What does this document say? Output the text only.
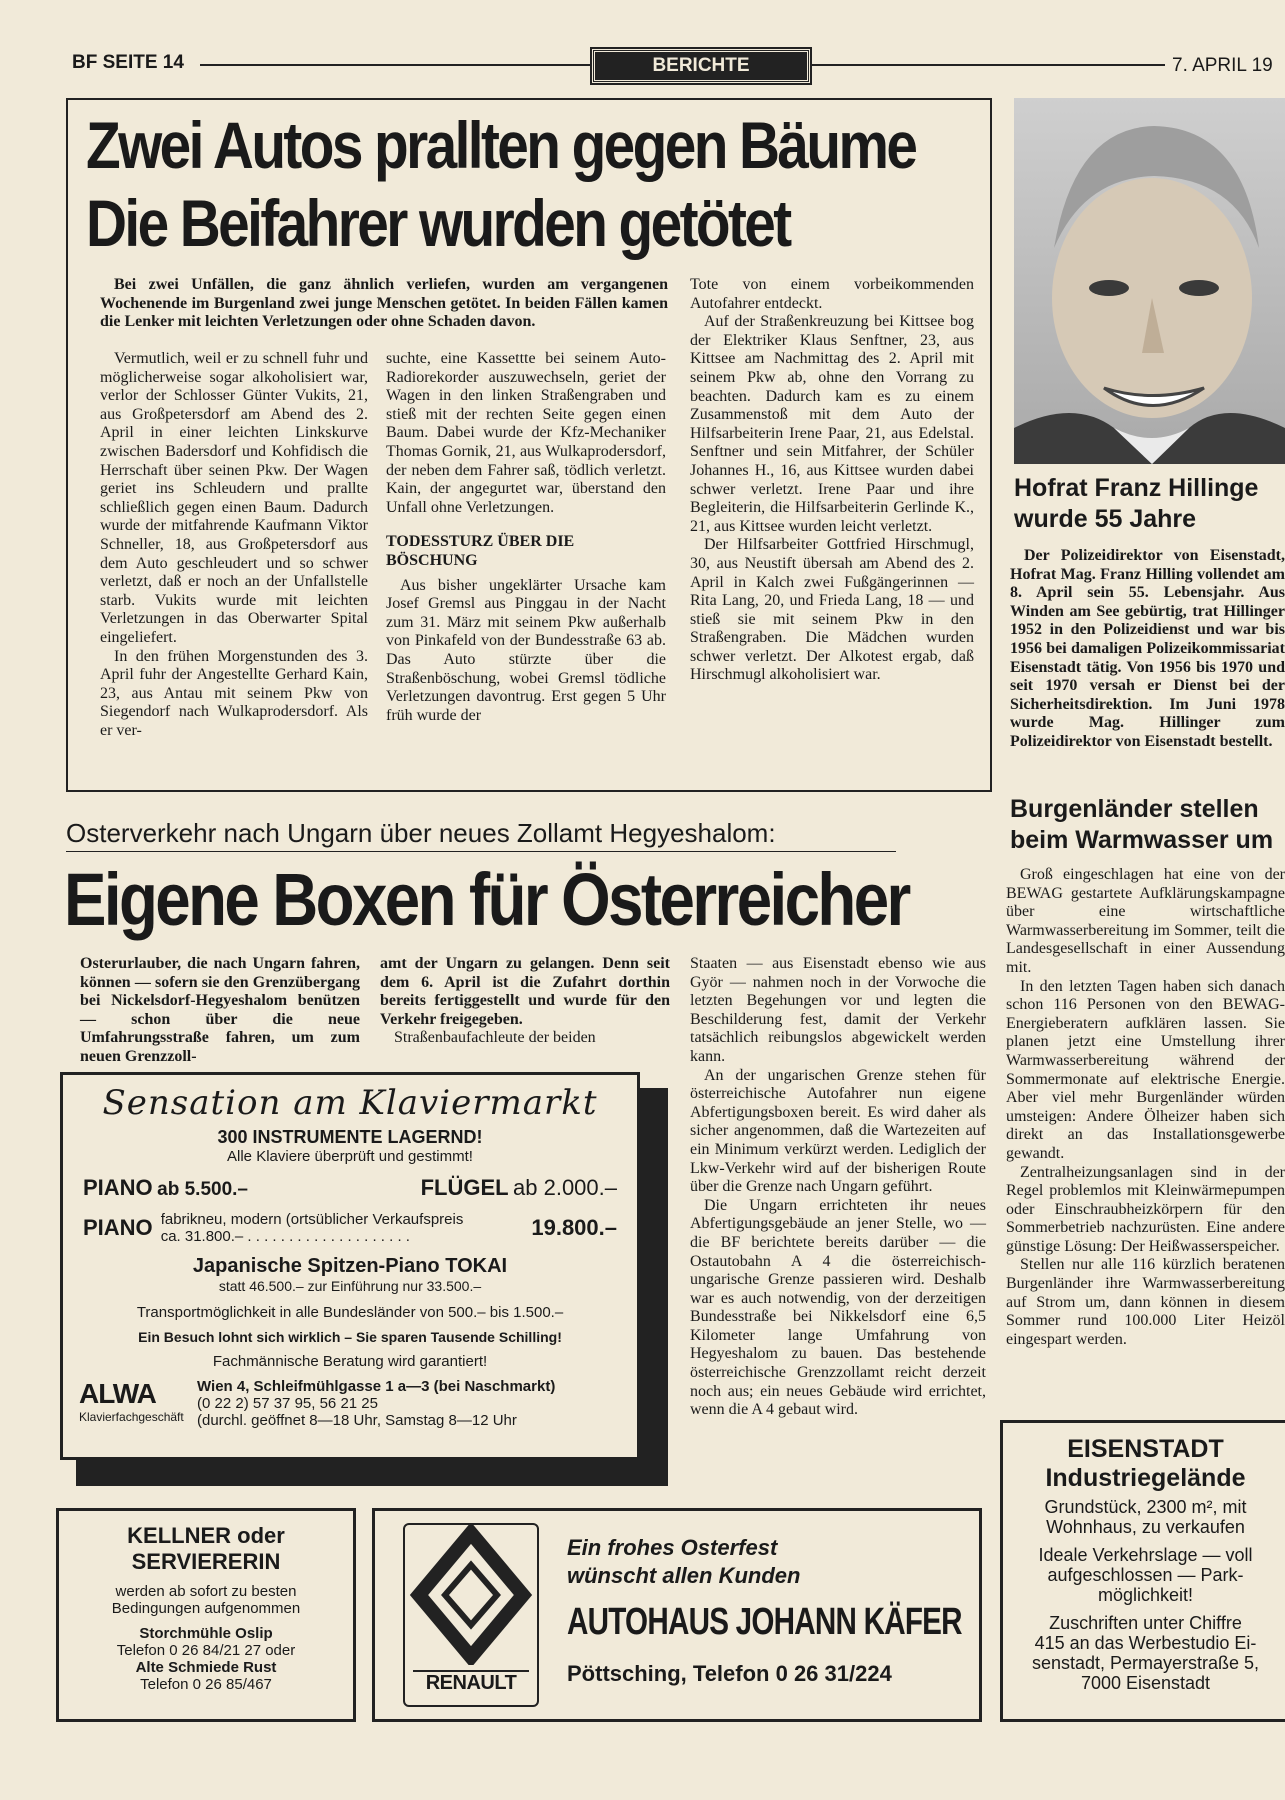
BF SEITE 14	BERICHTE	7. APRIL 19
Zwei Autos prallten gegen Bäume
Die Beifahrer wurden getötet
Bei zwei Unfällen, die ganz ähnlich verliefen, wurden am vergangenen Wochenende im Burgenland zwei junge Menschen getötet. In beiden Fällen kamen die Lenker mit leichten Verletzungen oder ohne Schaden davon.

Vermutlich, weil er zu schnell fuhr und möglicherweise sogar alkoholisiert war, verlor der Schlosser Günter Vukits, 21, aus Großpetersdorf am Abend des 2. April in einer leichten Linkskurve zwischen Badersdorf und Kohfidisch die Herrschaft über seinen Pkw. Der Wagen geriet ins Schleudern und prallte schließlich gegen einen Baum. Dadurch wurde der mitfahrende Kaufmann Viktor Schneller, 18, aus Großpetersdorf aus dem Auto geschleudert und so schwer verletzt, daß er noch an der Unfallstelle starb. Vukits wurde mit leichten Verletzungen in das Oberwarter Spital eingeliefert.

In den frühen Morgenstunden des 3. April fuhr der Angestellte Gerhard Kain, 23, aus Antau mit seinem Pkw von Siegendorf nach Wulkaprodersdorf. Als er ver-

suchte, eine Kassettte bei seinem Auto-Radiorekorder auszuwechseln, geriet der Wagen in den linken Straßengraben und stieß mit der rechten Seite gegen einen Baum. Dabei wurde der Kfz-Mechaniker Thomas Gornik, 21, aus Wulkaprodersdorf, der neben dem Fahrer saß, tödlich verletzt. Kain, der angegurtet war, überstand den Unfall ohne Verletzungen.

TODESSTURZ ÜBER DIE BÖSCHUNG

Aus bisher ungeklärter Ursache kam Josef Gremsl aus Pinggau in der Nacht zum 31. März mit seinem Pkw außerhalb von Pinkafeld von der Bundesstraße 63 ab. Das Auto stürzte über die Straßenböschung, wobei Gremsl tödliche Verletzungen davontrug. Erst gegen 5 Uhr früh wurde der

Tote von einem vorbeikommenden Autofahrer entdeckt.

Auf der Straßenkreuzung bei Kittsee bog der Elektriker Klaus Senftner, 23, aus Kittsee am Nachmittag des 2. April mit seinem Pkw ab, ohne den Vorrang zu beachten. Dadurch kam es zu einem Zusammenstoß mit dem Auto der Hilfsarbeiterin Irene Paar, 21, aus Edelstal. Senftner und sein Mitfahrer, der Schüler Johannes H., 16, aus Kittsee wurden dabei schwer verletzt. Irene Paar und ihre Begleiterin, die Hilfsarbeiterin Gerlinde K., 21, aus Kittsee wurden leicht verletzt.

Der Hilfsarbeiter Gottfried Hirschmugl, 30, aus Neustift übersah am Abend des 2. April in Kalch zwei Fußgängerinnen — Rita Lang, 20, und Frieda Lang, 18 — und stieß sie mit seinem Pkw in den Straßengraben. Die Mädchen wurden schwer verletzt. Der Alkotest ergab, daß Hirschmugl alkoholisiert war.

Hofrat Franz Hillinge
wurde 55 Jahre
Der Polizeidirektor von Eisenstadt, Hofrat Mag. Franz Hilling vollendet am 8. April sein 55. Lebensjahr. Aus Winden am See gebürtig, trat Hillinger 1952 in den Polizeidienst und war bis 1956 bei damaligen Polizeikommissariat Eisenstadt tätig. Von 1956 bis 1970 und seit 1970 versah er Dienst bei der Sicherheitsdirektion. Im Juni 1978 wurde Mag. Hillinger zum Polizeidirektor von Eisenstadt bestellt.
Burgenländer stellen
beim Warmwasser um

Groß eingeschlagen hat eine von der BEWAG gestartete Aufklärungskampagne über eine wirtschaftliche Warmwasserbereitung im Sommer, teilt die Landesgesellschaft in einer Aussendung mit.

In den letzten Tagen haben sich danach schon 116 Personen von den BEWAG-Energieberatern aufklären lassen. Sie planen jetzt eine Umstellung ihrer Warmwasserbereitung während der Sommermonate auf elektrische Energie. Aber viel mehr Burgenländer würden umsteigen: Andere Ölheizer haben sich direkt an das Installationsgewerbe gewandt.

Zentralheizungsanlagen sind in der Regel problemlos mit Kleinwärmepumpen oder Einschraubheizkörpern für den Sommerbetrieb nachzurüsten. Eine andere günstige Lösung: Der Heißwasserspeicher.

Stellen nur alle 116 kürzlich beratenen Burgenländer ihre Warmwasserbereitung auf Strom um, dann können in diesem Sommer rund 100.000 Liter Heizöl eingespart werden.

Osterverkehr nach Ungarn über neues Zollamt Hegyeshalom:
Eigene Boxen für Österreicher
Osterurlauber, die nach Ungarn fahren, können — sofern sie den Grenzübergang bei Nickelsdorf-Hegyeshalom benützen — schon über die neue Umfahrungsstraße fahren, um zum neuen Grenzzoll-
amt der Ungarn zu gelangen. Denn seit dem 6. April ist die Zufahrt dorthin bereits fertiggestellt und wurde für den Verkehr freigegeben.

Straßenbaufachleute der beiden

Staaten — aus Eisenstadt ebenso wie aus Györ — nahmen noch in der Vorwoche die letzten Begehungen vor und legten die Beschilderung fest, damit der Verkehr tatsächlich reibungslos abgewickelt werden kann.

An der ungarischen Grenze stehen für österreichische Autofahrer nun eigene Abfertigungsboxen bereit. Es wird daher als sicher angenommen, daß die Wartezeiten auf ein Minimum verkürzt werden. Lediglich der Lkw-Verkehr wird auf der bisherigen Route über die Grenze nach Ungarn geführt.

Die Ungarn errichteten ihr neues Abfertigungsgebäude an jener Stelle, wo — die BF berichtete bereits darüber — die Ostautobahn A 4 die österreichisch-ungarische Grenze passieren wird. Deshalb war es auch notwendig, von der derzeitigen Bundesstraße bei Nikkelsdorf eine 6,5 Kilometer lange Umfahrung von Hegyeshalom zu bauen. Das bestehende österreichische Grenzzollamt reicht derzeit noch aus; ein neues Gebäude wird errichtet, wenn die A 4 gebaut wird.

Sensation am Klaviermarkt
300 INSTRUMENTE LAGERND!
Alle Klaviere überprüft und gestimmt!
PIANO ab 5.500.–	FLÜGEL ab 2.000.–
PIANO fabrikneu, modern (ortsüblicher Verkaufspreis ca. 31.800.– . . . . . . . . . . . . . . . . . . . .	19.800.–
Japanische Spitzen-Piano TOKAI
statt 46.500.– zur Einführung nur 33.500.–
Transportmöglichkeit in alle Bundesländer von 500.– bis 1.500.–
Ein Besuch lohnt sich wirklich – Sie sparen Tausende Schilling!
Fachmännische Beratung wird garantiert!
ALWA
Klavierfachgeschäft
Wien 4, Schleifmühlgasse 1 a—3 (bei Naschmarkt)
(0 22 2) 57 37 95, 56 21 25
(durchl. geöffnet 8—18 Uhr, Samstag 8—12 Uhr
KELLNER oder
SERVIERERIN
werden ab sofort zu besten
Bedingungen aufgenommen
Storchmühle Oslip
Telefon 0 26 84/21 27 oder
Alte Schmiede Rust
Telefon 0 26 85/467	RENAULT
Ein frohes Osterfest
wünscht allen Kunden
AUTOHAUS JOHANN KÄFER
Pöttsching, Telefon 0 26 31/224
EISENSTADT
Industriegelände
Grundstück, 2300 m², mit
Wohnhaus, zu verkaufen
Ideale Verkehrslage — voll
aufgeschlossen — Park-
möglichkeit!
Zuschriften unter Chiffre
415 an das Werbestudio Ei-
senstadt, Permayerstraße 5,
7000 Eisenstadt
